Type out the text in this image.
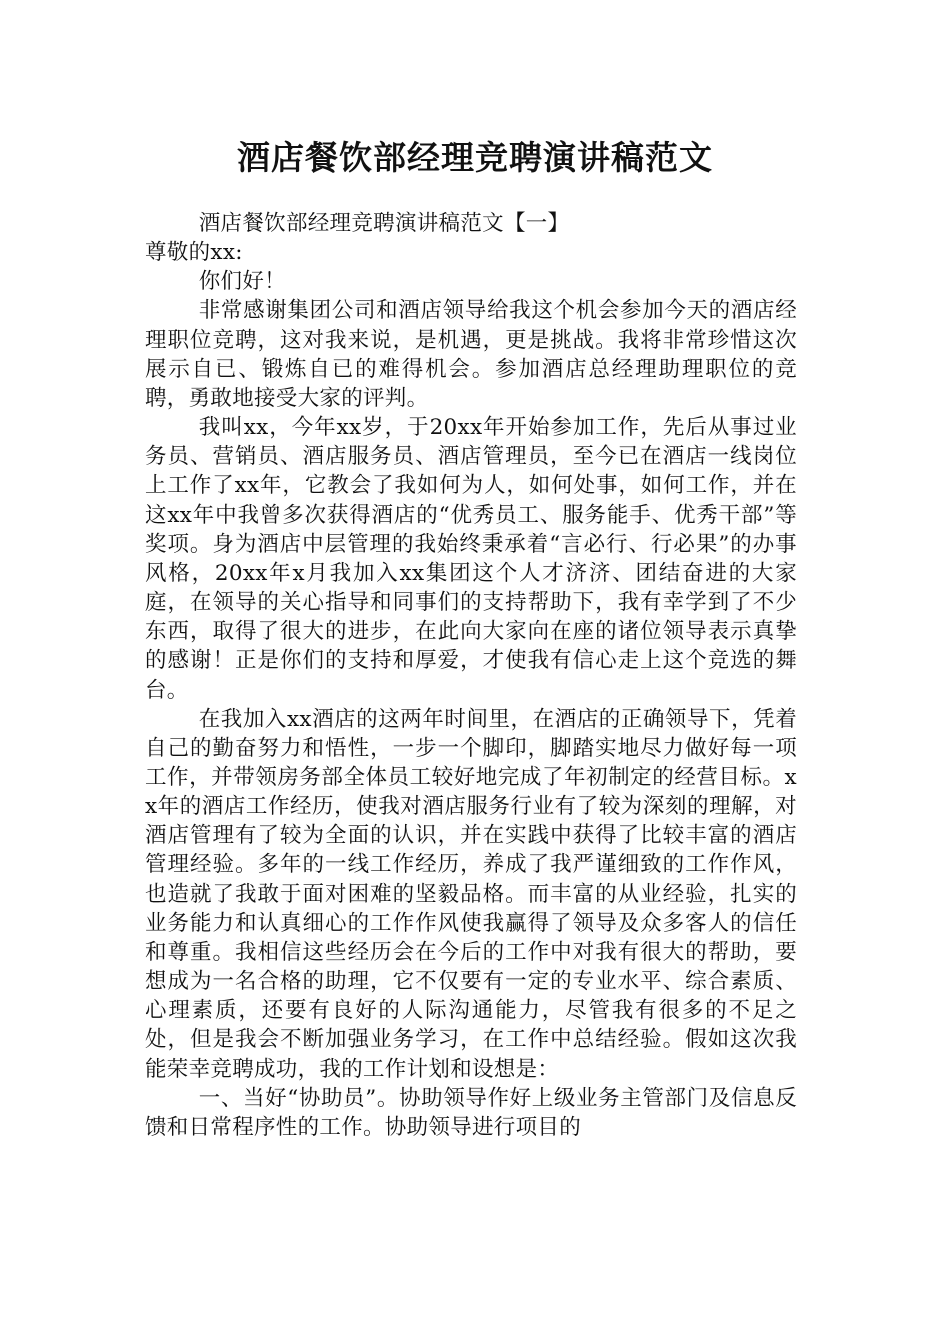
酒店餐饮部经理竞聘演讲稿范文

酒店餐饮部经理竞聘演讲稿范文【一】

尊敬的xx:

你们好！

非常感谢集团公司和酒店领导给我这个机会参加今天的酒店经理职位竞聘，这对我来说，是机遇，更是挑战。我将非常珍惜这次展示自已、锻炼自已的难得机会。参加酒店总经理助理职位的竞聘，勇敢地接受大家的评判。

我叫xx，今年xx岁，于20xx年开始参加工作，先后从事过业务员、营销员、酒店服务员、酒店管理员，至今已在酒店一线岗位上工作了xx年，它教会了我如何为人，如何处事，如何工作，并在这xx年中我曾多次获得酒店的“优秀员工、服务能手、优秀干部”等奖项。身为酒店中层管理的我始终秉承着“言必行、行必果”的办事风格，20xx年x月我加入xx集团这个人才济济、团结奋进的大家庭，在领导的关心指导和同事们的支持帮助下，我有幸学到了不少东西，取得了很大的进步，在此向大家向在座的诸位领导表示真挚的感谢！正是你们的支持和厚爱，才使我有信心走上这个竞选的舞台。

在我加入xx酒店的这两年时间里，在酒店的正确领导下，凭着自己的勤奋努力和悟性，一步一个脚印，脚踏实地尽力做好每一项工作，并带领房务部全体员工较好地完成了年初制定的经营目标。xx年的酒店工作经历，使我对酒店服务行业有了较为深刻的理解，对酒店管理有了较为全面的认识，并在实践中获得了比较丰富的酒店管理经验。多年的一线工作经历，养成了我严谨细致的工作作风，也造就了我敢于面对困难的坚毅品格。而丰富的从业经验，扎实的业务能力和认真细心的工作作风使我赢得了领导及众多客人的信任和尊重。我相信这些经历会在今后的工作中对我有很大的帮助，要想成为一名合格的助理，它不仅要有一定的专业水平、综合素质、心理素质，还要有良好的人际沟通能力，尽管我有很多的不足之处，但是我会不断加强业务学习，在工作中总结经验。假如这次我能荣幸竞聘成功，我的工作计划和设想是：

一、当好“协助员”。协助领导作好上级业务主管部门及信息反馈和日常程序性的工作。协助领导进行项目的
